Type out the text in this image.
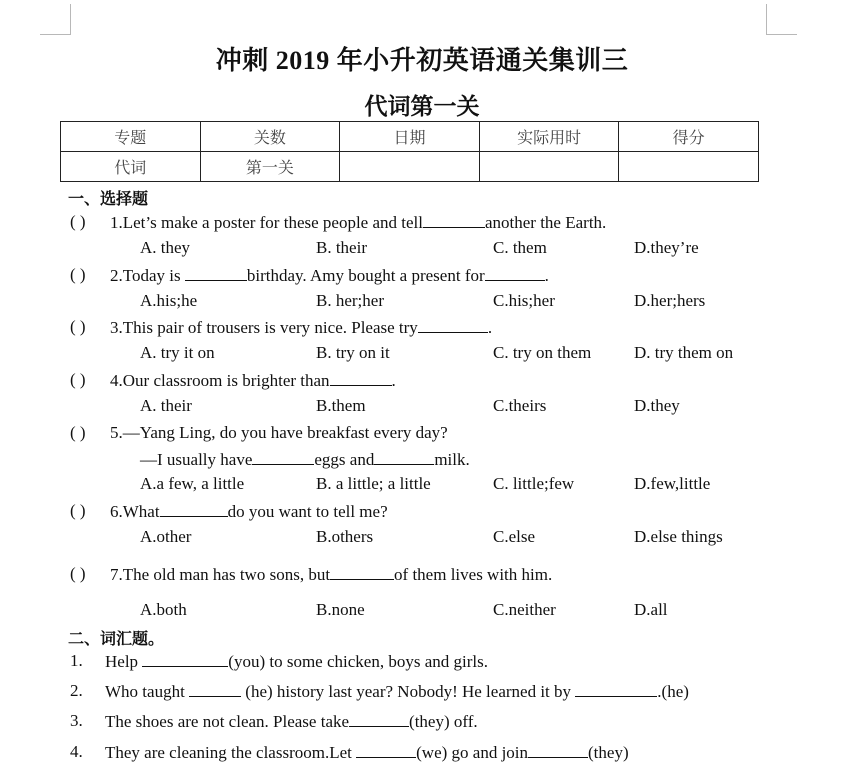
冲刺 2019 年小升初英语通关集训三
代词第一关
专题	关数	日期	实际用时	得分
代词	第一关			
一、选择题
( ) 1.Let’s make a poster for these people and tell	another the Earth.
A. they	B. their	C. them	D.they’re
( ) 2.Today is	birthday. Amy bought a present for	.
A.his;he	B. her;her	C.his;her	D.her;hers
( ) 3.This pair of trousers is very nice. Please try	.
A. try it on	B. try on it	C. try on them	D. try them on
( ) 4.Our classroom is brighter than	.
A. their	B.them	C.theirs	D.they
( ) 5.—Yang Ling, do you have breakfast every day?
—I usually have	eggs and	milk.
A.a few, a little	B. a little; a little	C. little;few	D.few,little
( ) 6.What	do you want to tell me?
A.other	B.others	C.else	D.else things
( ) 7.The old man has two sons, but	of them lives with him.
A.both	B.none	C.neither	D.all
二、词汇题。
1. Help	(you) to some chicken, boys and girls.
2. Who taught	(he) history last year? Nobody! He learned it by	.(he)
3. The shoes are not clean. Please take	(they) off.
4. They are cleaning the classroom.Let	(we) go and join	(they)
